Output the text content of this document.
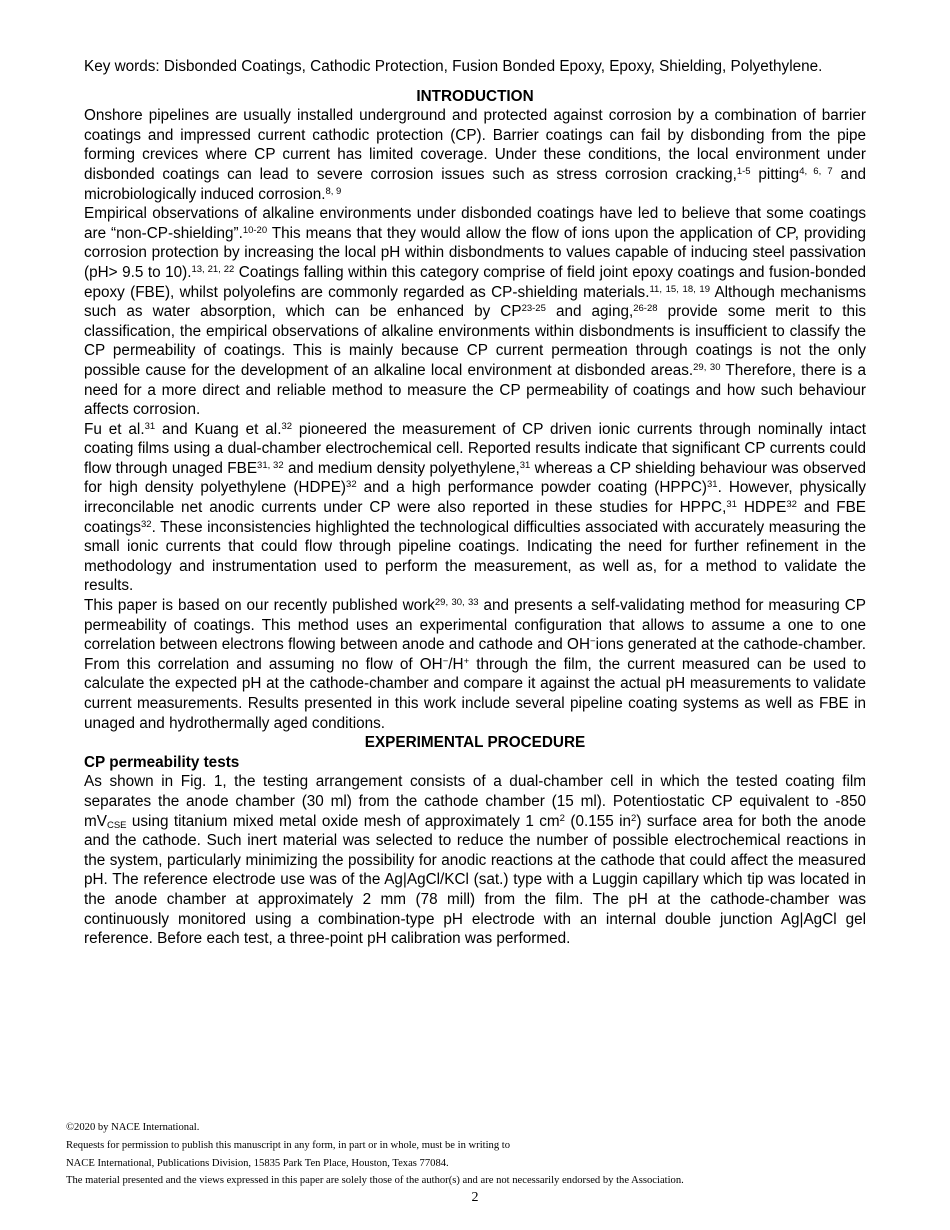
Key words: Disbonded Coatings, Cathodic Protection, Fusion Bonded Epoxy, Epoxy, Shielding, Polyethylene.

INTRODUCTION

Onshore pipelines are usually installed underground and protected against corrosion by a combination of barrier coatings and impressed current cathodic protection (CP). Barrier coatings can fail by disbonding from the pipe forming crevices where CP current has limited coverage. Under these conditions, the local environment under disbonded coatings can lead to severe corrosion issues such as stress corrosion cracking,$^{1-5}$ pitting$^{4, 6, 7}$ and microbiologically induced corrosion.$^{8, 9}$

Empirical observations of alkaline environments under disbonded coatings have led to believe that some coatings are “non-CP-shielding”.$^{10-20}$ This means that they would allow the flow of ions upon the application of CP, providing corrosion protection by increasing the local pH within disbondments to values capable of inducing steel passivation (pH> 9.5 to 10).$^{13, 21, 22}$ Coatings falling within this category comprise of field joint epoxy coatings and fusion-bonded epoxy (FBE), whilst polyolefins are commonly regarded as CP-shielding materials.$^{11, 15, 18, 19}$ Although mechanisms such as water absorption, which can be enhanced by CP$^{23-25}$ and aging,$^{26-28}$ provide some merit to this classification, the empirical observations of alkaline environments within disbondments is insufficient to classify the CP permeability of coatings. This is mainly because CP current permeation through coatings is not the only possible cause for the development of an alkaline local environment at disbonded areas.$^{29, 30}$ Therefore, there is a need for a more direct and reliable method to measure the CP permeability of coatings and how such behaviour affects corrosion.

Fu et al.$^{31}$ and Kuang et al.$^{32}$ pioneered the measurement of CP driven ionic currents through nominally intact coating films using a dual-chamber electrochemical cell. Reported results indicate that significant CP currents could flow through unaged FBE$^{31, 32}$ and medium density polyethylene,$^{31}$ whereas a CP shielding behaviour was observed for high density polyethylene (HDPE)$^{32}$ and a high performance powder coating (HPPC)$^{31}$. However, physically irreconcilable net anodic currents under CP were also reported in these studies for HPPC,$^{31}$ HDPE$^{32}$ and FBE coatings$^{32}$. These inconsistencies highlighted the technological difficulties associated with accurately measuring the small ionic currents that could flow through pipeline coatings. Indicating the need for further refinement in the methodology and instrumentation used to perform the measurement, as well as, for a method to validate the results.

This paper is based on our recently published work$^{29, 30, 33}$ and presents a self-validating method for measuring CP permeability of coatings. This method uses an experimental configuration that allows to assume a one to one correlation between electrons flowing between anode and cathode and OH−ions generated at the cathode-chamber. From this correlation and assuming no flow of OH−/H+ through the film, the current measured can be used to calculate the expected pH at the cathode-chamber and compare it against the actual pH measurements to validate current measurements. Results presented in this work include several pipeline coating systems as well as FBE in unaged and hydrothermally aged conditions.

EXPERIMENTAL PROCEDURE

CP permeability tests

As shown in Fig. 1, the testing arrangement consists of a dual-chamber cell in which the tested coating film separates the anode chamber (30 ml) from the cathode chamber (15 ml). Potentiostatic CP equivalent to -850 $mV_{CSE}$ using titanium mixed metal oxide mesh of approximately 1 $cm^2$ (0.155 $in^2$) surface area for both the anode and the cathode. Such inert material was selected to reduce the number of possible electrochemical reactions in the system, particularly minimizing the possibility for anodic reactions at the cathode that could affect the measured pH. The reference electrode use was of the Ag|AgCl/KCl (sat.) type with a Luggin capillary which tip was located in the anode chamber at approximately 2 mm (78 mill) from the film. The pH at the cathode-chamber was continuously monitored using a combination-type pH electrode with an internal double junction Ag|AgCl gel reference. Before each test, a three-point pH calibration was performed.

©2020 by NACE International.

Requests for permission to publish this manuscript in any form, in part or in whole, must be in writing to

NACE International, Publications Division, 15835 Park Ten Place, Houston, Texas 77084.

The material presented and the views expressed in this paper are solely those of the author(s) and are not necessarily endorsed by the Association.

2
